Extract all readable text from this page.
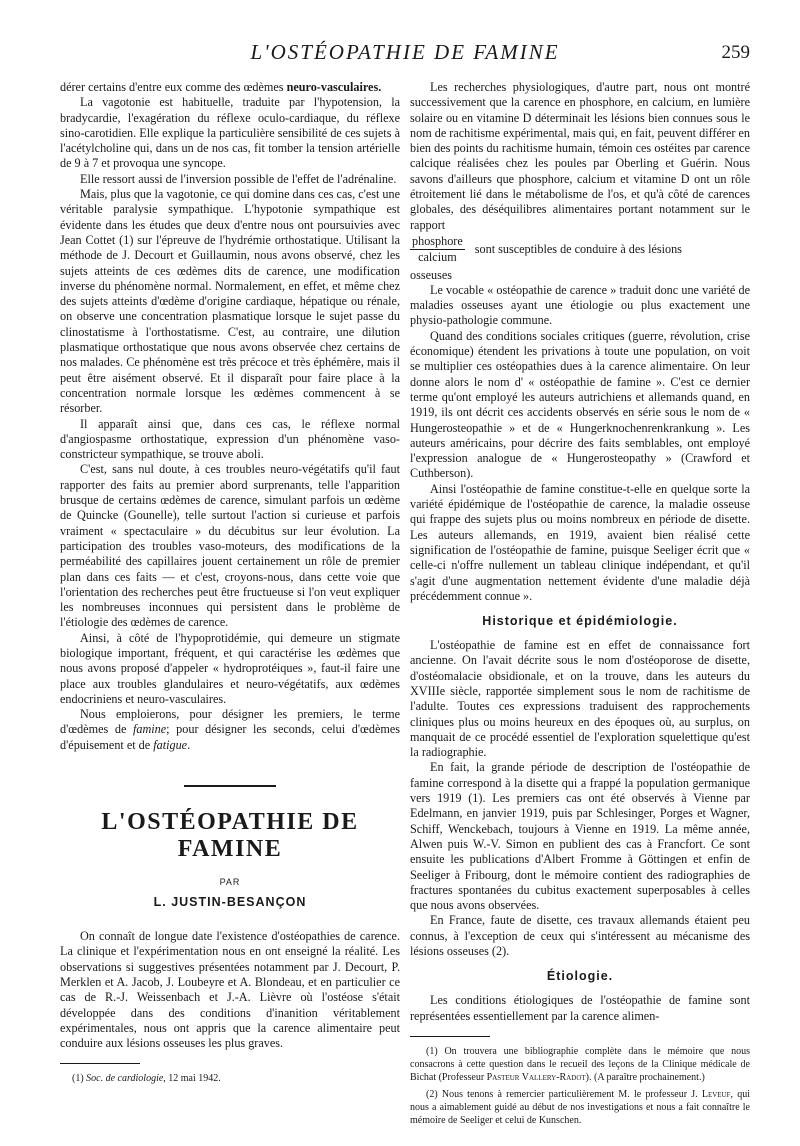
L'OSTÉOPATHIE DE FAMINE	259

dérer certains d'entre eux comme des œdèmes neuro-vasculaires.

La vagotonie est habituelle, traduite par l'hypotension, la bradycardie, l'exagération du réflexe oculo-cardiaque, du réflexe sino-carotidien. Elle explique la particulière sensibilité de ces sujets à l'acétylcholine qui, dans un de nos cas, fit tomber la tension artérielle de 9 à 7 et provoqua une syncope.

Elle ressort aussi de l'inversion possible de l'effet de l'adrénaline.

Mais, plus que la vagotonie, ce qui domine dans ces cas, c'est une véritable paralysie sympathique. L'hypotonie sympathique est évidente dans les études que deux d'entre nous ont poursuivies avec Jean Cottet (1) sur l'épreuve de l'hydrémie orthostatique. Utilisant la méthode de J. Decourt et Guillaumin, nous avons observé, chez les sujets atteints de ces œdèmes dits de carence, une modification inverse du phénomène normal. Normalement, en effet, et même chez des sujets atteints d'œdème d'origine cardiaque, hépatique ou rénale, on observe une concentration plasmatique lorsque le sujet passe du clinostatisme à l'orthostatisme. C'est, au contraire, une dilution plasmatique orthostatique que nous avons observée chez certains de nos malades. Ce phénomène est très précoce et très éphémère, mais il peut être aisément observé. Et il disparaît pour faire place à la concentration normale lorsque les œdèmes commencent à se résorber.

Il apparaît ainsi que, dans ces cas, le réflexe normal d'angiospasme orthostatique, expression d'un phénomène vaso-constricteur sympathique, se trouve aboli.

C'est, sans nul doute, à ces troubles neuro-végétatifs qu'il faut rapporter des faits au premier abord surprenants, telle l'apparition brusque de certains œdèmes de carence, simulant parfois un œdème de Quincke (Gounelle), telle surtout l'action si curieuse et parfois vraiment « spectaculaire » du décubitus sur leur évolution. La participation des troubles vaso-moteurs, des modifications de la perméabilité des capillaires jouent certainement un rôle de premier plan dans ces faits — et c'est, croyons-nous, dans cette voie que l'orientation des recherches peut être fructueuse si l'on veut expliquer les nombreuses inconnues qui persistent dans le problème de l'étiologie des œdèmes de carence.

Ainsi, à côté de l'hypoprotidémie, qui demeure un stigmate biologique important, fréquent, et qui caractérise les œdèmes que nous avons proposé d'appeler « hydroprotéiques », faut-il faire une place aux troubles glandulaires et neuro-végétatifs, aux œdèmes endocriniens et neuro-vasculaires.

Nous emploierons, pour désigner les premiers, le terme d'œdèmes de famine; pour désigner les seconds, celui d'œdèmes d'épuisement et de fatigue.

L'OSTÉOPATHIE DE FAMINE
PAR
L. JUSTIN-BESANÇON

On connaît de longue date l'existence d'ostéopathies de carence. La clinique et l'expérimentation nous en ont enseigné la réalité. Les observations si suggestives présentées notamment par J. Decourt, P. Merklen et A. Jacob, J. Loubeyre et A. Blondeau, et en particulier ce cas de R.-J. Weissenbach et J.-A. Lièvre où l'ostéose s'était développée dans des conditions d'inanition véritablement expérimentales, nous ont appris que la carence alimentaire peut conduire aux lésions osseuses les plus graves.

(1) Soc. de cardiologie, 12 mai 1942.

Les recherches physiologiques, d'autre part, nous ont montré successivement que la carence en phosphore, en calcium, en lumière solaire ou en vitamine D déterminait les lésions bien connues sous le nom de rachitisme expérimental, mais qui, en fait, peuvent différer en bien des points du rachitisme humain, témoin ces ostéites par carence calcique réalisées chez les poules par Oberling et Guérin. Nous savons d'ailleurs que phosphore, calcium et vitamine D ont un rôle étroitement lié dans le métabolisme de l'os, et qu'à côté de carences globales, des déséquilibres alimentaires portant notamment sur le rapport

$\frac{\text{phosphore}}{\text{calcium}}$ sont susceptibles de conduire à des lésions

osseuses

Le vocable « ostéopathie de carence » traduit donc une variété de maladies osseuses ayant une étiologie ou plus exactement une physio-pathologie commune.

Quand des conditions sociales critiques (guerre, révolution, crise économique) étendent les privations à toute une population, on voit se multiplier ces ostéopathies dues à la carence alimentaire. On leur donne alors le nom d' « ostéopathie de famine ». C'est ce dernier terme qu'ont employé les auteurs autrichiens et allemands quand, en 1919, ils ont décrit ces accidents observés en série sous le nom de « Hungerosteopathie » et de « Hungerknochenrenkrankung ». Les auteurs américains, pour décrire des faits semblables, ont employé l'expression analogue de « Hungerosteopathy » (Crawford et Cuthberson).

Ainsi l'ostéopathie de famine constitue-t-elle en quelque sorte la variété épidémique de l'ostéopathie de carence, la maladie osseuse qui frappe des sujets plus ou moins nombreux en période de disette. Les auteurs allemands, en 1919, avaient bien réalisé cette signification de l'ostéopathie de famine, puisque Seeliger écrit que « celle-ci n'offre nullement un tableau clinique indépendant, et qu'il s'agit d'une augmentation nettement évidente d'une maladie déjà précédemment connue ».

Historique et épidémiologie.

L'ostéopathie de famine est en effet de connaissance fort ancienne. On l'avait décrite sous le nom d'ostéoporose de disette, d'ostéomalacie obsidionale, et on la trouve, dans les auteurs du XVIIIe siècle, rapportée simplement sous le nom de rachitisme de l'adulte. Toutes ces expressions traduisent des rapprochements cliniques plus ou moins heureux en des époques où, au surplus, on manquait de ce procédé essentiel de l'exploration squelettique qu'est la radiographie.

En fait, la grande période de description de l'ostéopathie de famine correspond à la disette qui a frappé la population germanique vers 1919 (1). Les premiers cas ont été observés à Vienne par Edelmann, en janvier 1919, puis par Schlesinger, Porges et Wagner, Schiff, Wenckebach, toujours à Vienne en 1919. La même année, Alwen puis W.-V. Simon en publient des cas à Francfort. Ce sont ensuite les publications d'Albert Fromme à Göttingen et enfin de Seeliger à Fribourg, dont le mémoire contient des radiographies de fractures spontanées du cubitus exactement superposables à celles que nous avons observées.

En France, faute de disette, ces travaux allemands étaient peu connus, à l'exception de ceux qui s'intéressent au mécanisme des lésions osseuses (2).

Étiologie.

Les conditions étiologiques de l'ostéopathie de famine sont représentées essentiellement par la carence alimen-

(1) On trouvera une bibliographie complète dans le mémoire que nous consacrons à cette question dans le recueil des leçons de la Clinique médicale de Bichat (Professeur Pasteur Vallery-Radot). (A paraître prochainement.)

(2) Nous tenons à remercier particulièrement M. le professeur J. Leveuf, qui nous a aimablement guidé au début de nos investigations et nous a fait connaître le mémoire de Seeliger et celui de Kunschen.
